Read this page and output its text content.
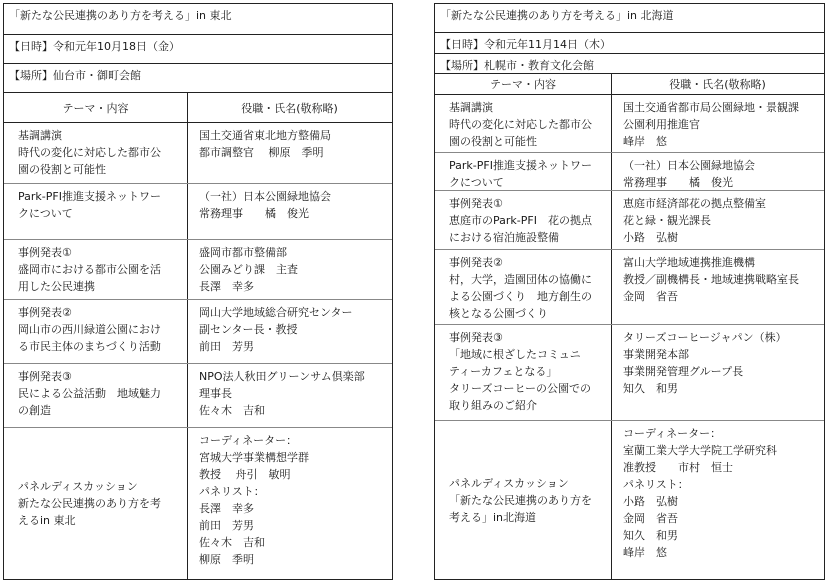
「新たな公民連携のあり方を考える」in 東北
【日時】令和元年10月18日（金）
【場所】仙台市・御町会館
テーマ・内容	役職・氏名(敬称略)
基調講演
時代の変化に対応した都市公
園の役割と可能性
国土交通省東北地方整備局
都市調整官　 柳原　季明
Park-PFI推進支援ネットワー
クについて
（一社）日本公園緑地協会
常務理事　　橘　俊光
事例発表①
盛岡市における都市公園を活
用した公民連携
盛岡市都市整備部
公園みどり課　主査
長澤　幸多
事例発表②
岡山市の西川緑道公園におけ
る市民主体のまちづくり活動
岡山大学地域総合研究センター
副センター長・教授
前田　芳男
事例発表③
民による公益活動　地域魅力
の創造
NPO法人秋田グリーンサム倶楽部
理事長
佐々木　吉和
パネルディスカッション
新たな公民連携のあり方を考
えるin 東北
コーディネーター：
宮城大学事業構想学群
教授　 舟引　敏明
パネリスト：
長澤　幸多
前田　芳男
佐々木　吉和
柳原　季明
「新たな公民連携のあり方を考える」in 北海道
【日時】令和元年11月14日（木）
【場所】札幌市・教育文化会館
テーマ・内容	役職・氏名(敬称略)
基調講演
時代の変化に対応した都市公
園の役割と可能性
国土交通省都市局公園緑地・景観課
公園利用推進官
峰岸　悠
Park-PFI推進支援ネットワー
クについて
（一社）日本公園緑地協会
常務理事　　橘　俊光
事例発表①
恵庭市のPark-PFI　花の拠点
における宿泊施設整備
恵庭市経済部花の拠点整備室
花と緑・観光課長
小路　弘樹
事例発表②
村，大学，造園団体の協働に
よる公園づくり　地方創生の
核となる公園づくり
富山大学地域連携推進機構
教授／副機構長・地域連携戦略室長
金岡　省吾
事例発表③
「地域に根ざしたコミュニ
ティーカフェとなる」
タリーズコーヒーの公園での
取り組みのご紹介
タリーズコーヒージャパン（株）
事業開発本部
事業開発管理グループ長
知久　和男
パネルディスカッション
「新たな公民連携のあり方を
考える」in北海道
コーディネーター：
室蘭工業大学大学院工学研究科
准教授　　市村　恒士
パネリスト：
小路　弘樹
金岡　省吾
知久　和男
峰岸　悠
